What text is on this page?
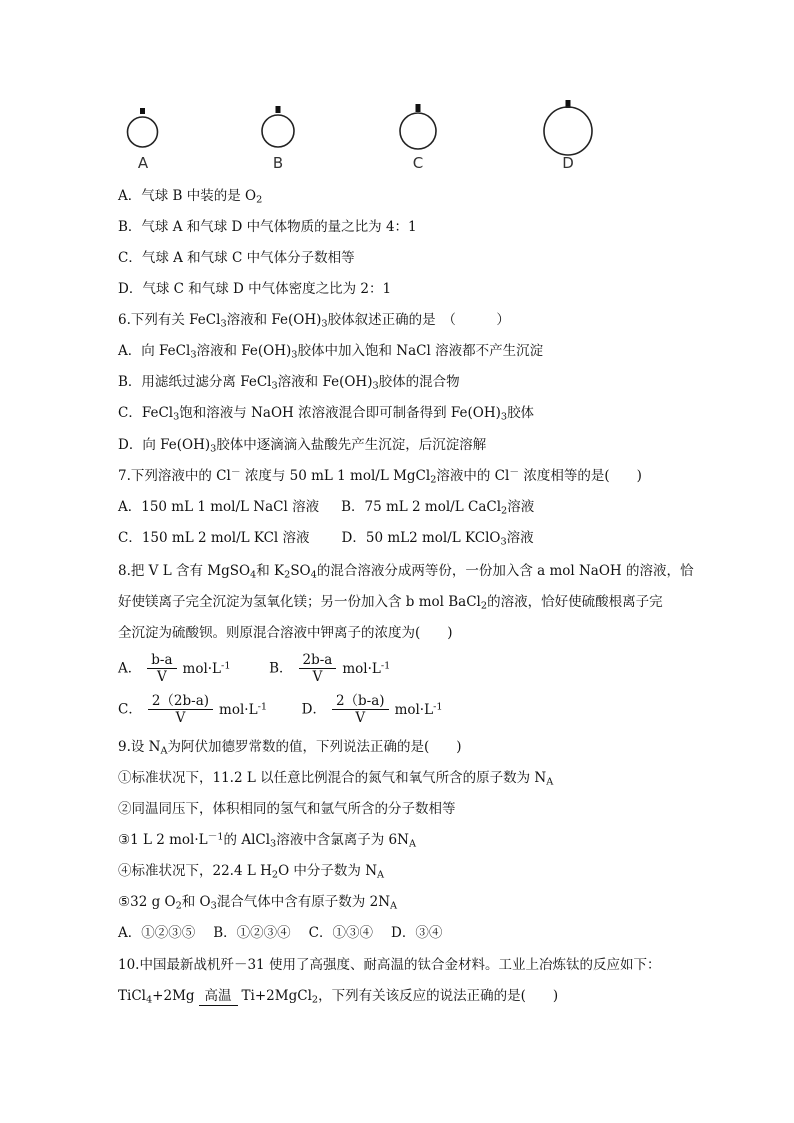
A	B	C	D
A．气球 B 中装的是 $O_2$
B．气球 A 和气球 D 中气体物质的量之比为 4：1
C．气球 A 和气球 C 中气体分子数相等
D．气球 C 和气球 D 中气体密度之比为 2：1
6.下列有关 FeCl$_3$溶液和 $Fe(OH)_3$胶体叙述正确的是　（　　　）
A．向 FeCl$_3$溶液和 $Fe(OH)_3$胶体中加入饱和 NaCl 溶液都不产生沉淀
B．用滤纸过滤分离 FeCl$_3$溶液和 $Fe(OH)_3$胶体的混合物
C．FeCl$_3$饱和溶液与 NaOH 浓溶液混合即可制备得到 $Fe(OH)_3$胶体
D．向 $Fe(OH)_3$胶体中逐滴滴入盐酸先产生沉淀，后沉淀溶解
7.下列溶液中的 Cl－ 浓度与 50 mL 1 mol/L MgCl$_2$溶液中的 Cl－ 浓度相等的是(　　)
A．150 mL 1 mol/L NaCl 溶液 B．75 mL 2 mol/L CaCl$_2$溶液
C．150 mL 2 mol/L KCl 溶液 D．50 mL2 mol/L KClO$_3$溶液
8.把 V L 含有 MgSO$_4$和 $K_2SO_4$的混合溶液分成两等份，一份加入含 a mol NaOH 的溶液，恰
好使镁离子完全沉淀为氢氧化镁；另一份加入含 b mol BaCl$_2$的溶液，恰好使硫酸根离子完
全沉淀为硫酸钡。则原混合溶液中钾离子的浓度为(　　)
A． $\frac{b-a}{V} mol\cdot L^{-1}$	B． $\frac{2b-a}{V} mol\cdot L^{-1}$
C． $\frac{2(2b-a)}{V} mol\cdot L^{-1}$	D． $\frac{2(b-a)}{V} mol\cdot L^{-1}$
9.设 $N_A$为阿伏加德罗常数的值，下列说法正确的是(　　)
①标准状况下，11.2 L 以任意比例混合的氮气和氧气所含的原子数为 $N_A$
②同温同压下，体积相同的氢气和氩气所含的分子数相等
③1 L 2 $mol\cdot L^{-1}$的 AlCl$_3$溶液中含氯离子为 $6N_A$
④标准状况下，22.4 L $H_2O$ 中分子数为 $N_A$
⑤32 g $O_2$和 $O_3$混合气体中含有原子数为 $2N_A$
A．①②③⑤ B．①②③④ C．①③④ D．③④
10.中国最新战机歼－31 使用了高强度、耐高温的钛合金材料。工业上冶炼钛的反应如下：
TiCl$_4$+2Mg 高温 Ti+2MgCl$_2$，下列有关该反应的说法正确的是(　　)
